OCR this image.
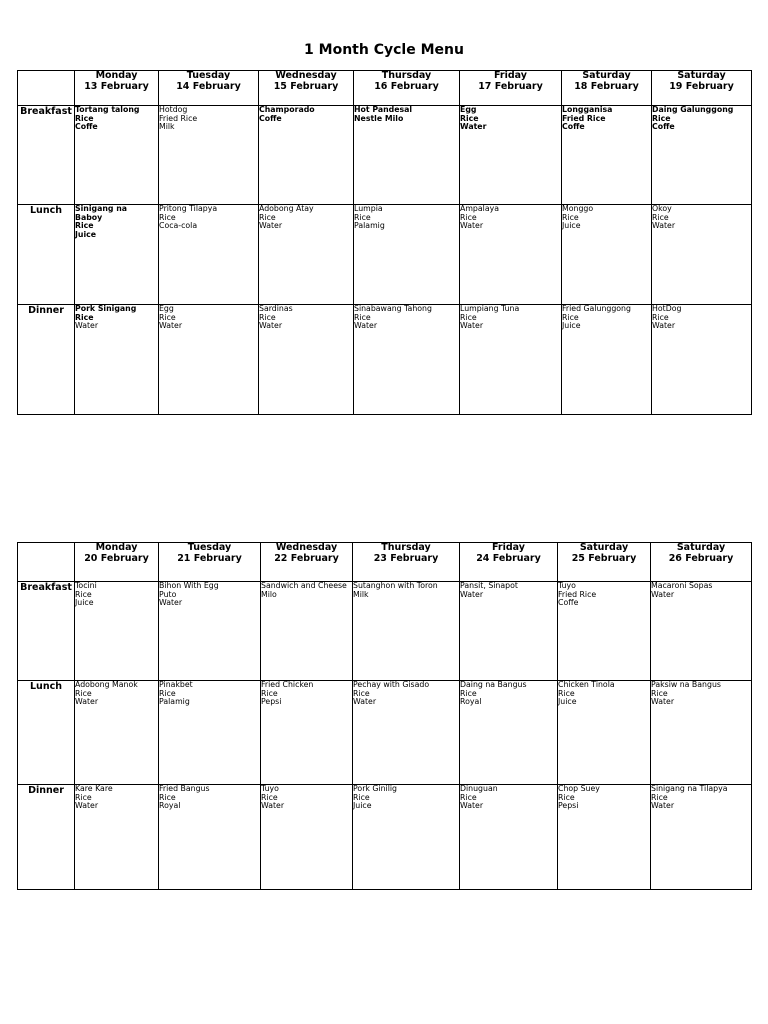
1 Month Cycle Menu

	Monday
13 February	Tuesday
14 February	Wednesday
15 February	Thursday
16 February	Friday
17 February	Saturday
18 February	Saturday
19 February

Breakfast	Tortang talong
Rice
Coffe	Hotdog
Fried Rice
Milk	Champorado
Coffe	Hot Pandesal
Nestle Milo	Egg
Rice
Water	Longganisa
Fried Rice
Coffe	Daing Galunggong
Rice
Coffe

Lunch	Sinigang na
Baboy
Rice
Juice	Pritong Tilapya
Rice
Coca-cola	Adobong Atay
Rice
Water	Lumpia
Rice
Palamig	Ampalaya
Rice
Water	Monggo
Rice
Juice	Okoy
Rice
Water

Dinner	Pork Sinigang
Rice
Water	Egg
Rice
Water	Sardinas
Rice
Water	Sinabawang Tahong
Rice
Water	Lumpiang Tuna
Rice
Water	Fried Galunggong
Rice
Juice	HotDog
Rice
Water

	Monday
20 February	Tuesday
21 February	Wednesday
22 February	Thursday
23 February	Friday
24 February	Saturday
25 February	Saturday
26 February

Breakfast	Tocini
Rice
Juice	Bihon With Egg
Puto
Water	Sandwich and Cheese
Milo	Sutanghon with Toron
Milk	Pansit, Sinapot
Water	Tuyo
Fried Rice
Coffe	Macaroni Sopas
Water

Lunch	Adobong Manok
Rice
Water	Pinakbet
Rice
Palamig	Fried Chicken
Rice
Pepsi	Pechay with Gisado
Rice
Water	Daing na Bangus
Rice
Royal	Chicken Tinola
Rice
Juice	Paksiw na Bangus
Rice
Water

Dinner	Kare Kare
Rice
Water	Fried Bangus
Rice
Royal	Tuyo
Rice
Water	Pork Ginilig
Rice
Juice	Dinuguan
Rice
Water	Chop Suey
Rice
Pepsi	Sinigang na Tilapya
Rice
Water
